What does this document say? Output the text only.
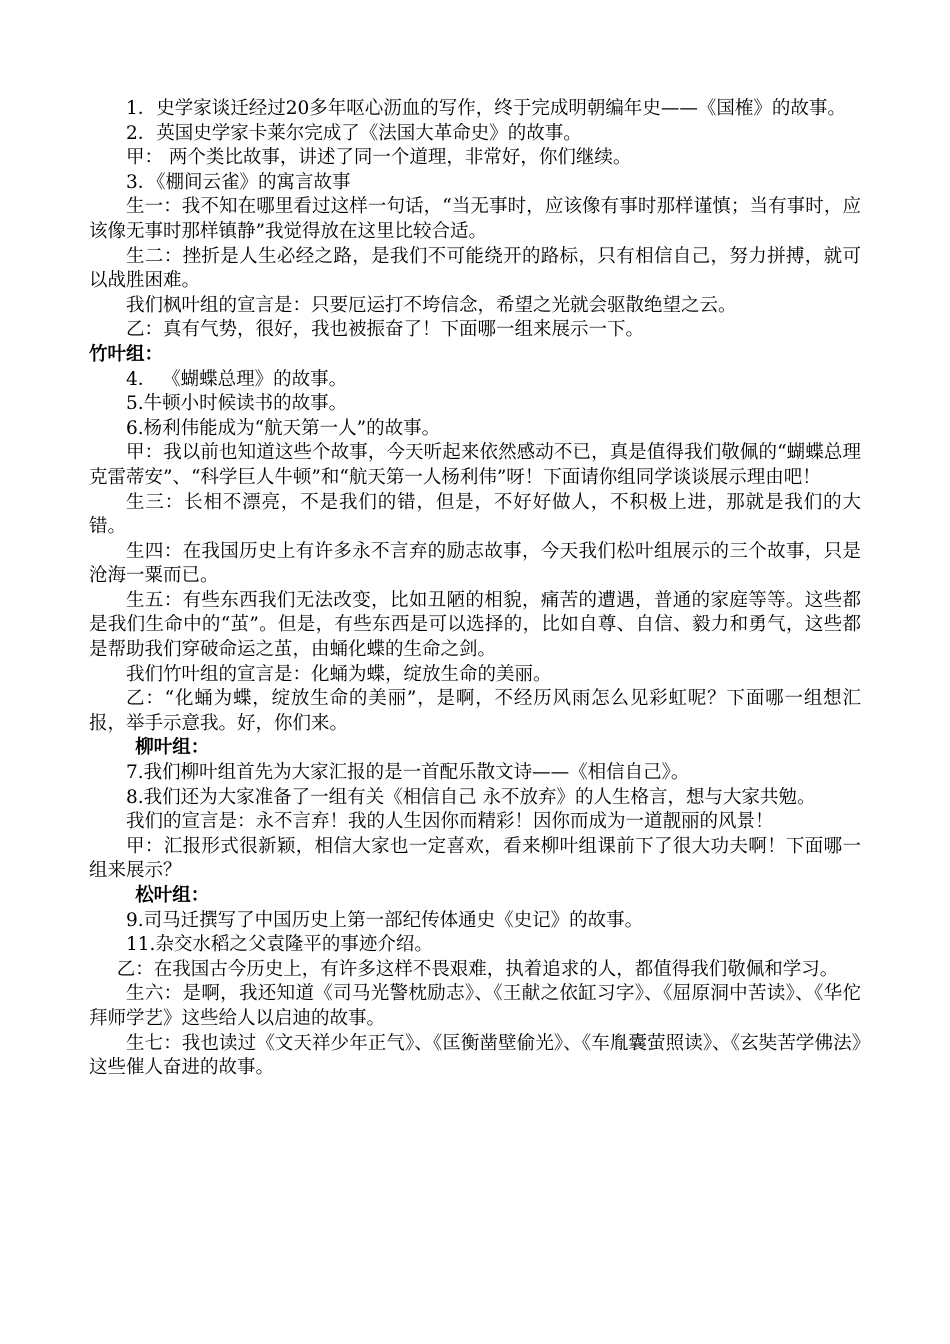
1．史学家谈迁经过20多年呕心沥血的写作，终于完成明朝编年史——《国榷》的故事。

2．英国史学家卡莱尔完成了《法国大革命史》的故事。

甲： 两个类比故事，讲述了同一个道理，非常好，你们继续。

3．《棚间云雀》的寓言故事

生一：我不知在哪里看过这样一句话，“当无事时，应该像有事时那样谨慎；当有事时，应该像无事时那样镇静”我觉得放在这里比较合适。

生二：挫折是人生必经之路，是我们不可能绕开的路标，只有相信自己，努力拼搏，就可以战胜困难。

我们枫叶组的宣言是：只要厄运打不垮信念，希望之光就会驱散绝望之云。

乙：真有气势，很好，我也被振奋了！下面哪一组来展示一下。

竹叶组：

4． 《蝴蝶总理》的故事。

5.牛顿小时候读书的故事。

6.杨利伟能成为“航天第一人”的故事。

甲：我以前也知道这些个故事，今天听起来依然感动不已，真是值得我们敬佩的“蝴蝶总理克雷蒂安”、“科学巨人牛顿”和“航天第一人杨利伟”呀！下面请你组同学谈谈展示理由吧！

生三：长相不漂亮，不是我们的错，但是，不好好做人，不积极上进，那就是我们的大错。

生四：在我国历史上有许多永不言弃的励志故事，今天我们松叶组展示的三个故事，只是沧海一粟而已。

生五：有些东西我们无法改变，比如丑陋的相貌，痛苦的遭遇，普通的家庭等等。这些都是我们生命中的“茧”。但是，有些东西是可以选择的，比如自尊、自信、毅力和勇气，这些都是帮助我们穿破命运之茧，由蛹化蝶的生命之剑。

我们竹叶组的宣言是：化蛹为蝶，绽放生命的美丽。

乙：“化蛹为蝶，绽放生命的美丽”，是啊，不经历风雨怎么见彩虹呢？下面哪一组想汇报，举手示意我。好，你们来。

柳叶组：

7.我们柳叶组首先为大家汇报的是一首配乐散文诗——《相信自己》。

8.我们还为大家准备了一组有关《相信自己 永不放弃》的人生格言，想与大家共勉。

我们的宣言是：永不言弃！我的人生因你而精彩！因你而成为一道靓丽的风景！

甲：汇报形式很新颖，相信大家也一定喜欢，看来柳叶组课前下了很大功夫啊！下面哪一组来展示？

松叶组：

9.司马迁撰写了中国历史上第一部纪传体通史《史记》的故事。

11.杂交水稻之父袁隆平的事迹介绍。

乙：在我国古今历史上，有许多这样不畏艰难，执着追求的人，都值得我们敬佩和学习。

生六：是啊，我还知道《司马光警枕励志》、《王献之依缸习字》、《屈原洞中苦读》、《华佗拜师学艺》这些给人以启迪的故事。

生七：我也读过《文天祥少年正气》、《匡衡凿壁偷光》、《车胤囊萤照读》、《玄奘苦学佛法》这些催人奋进的故事。
